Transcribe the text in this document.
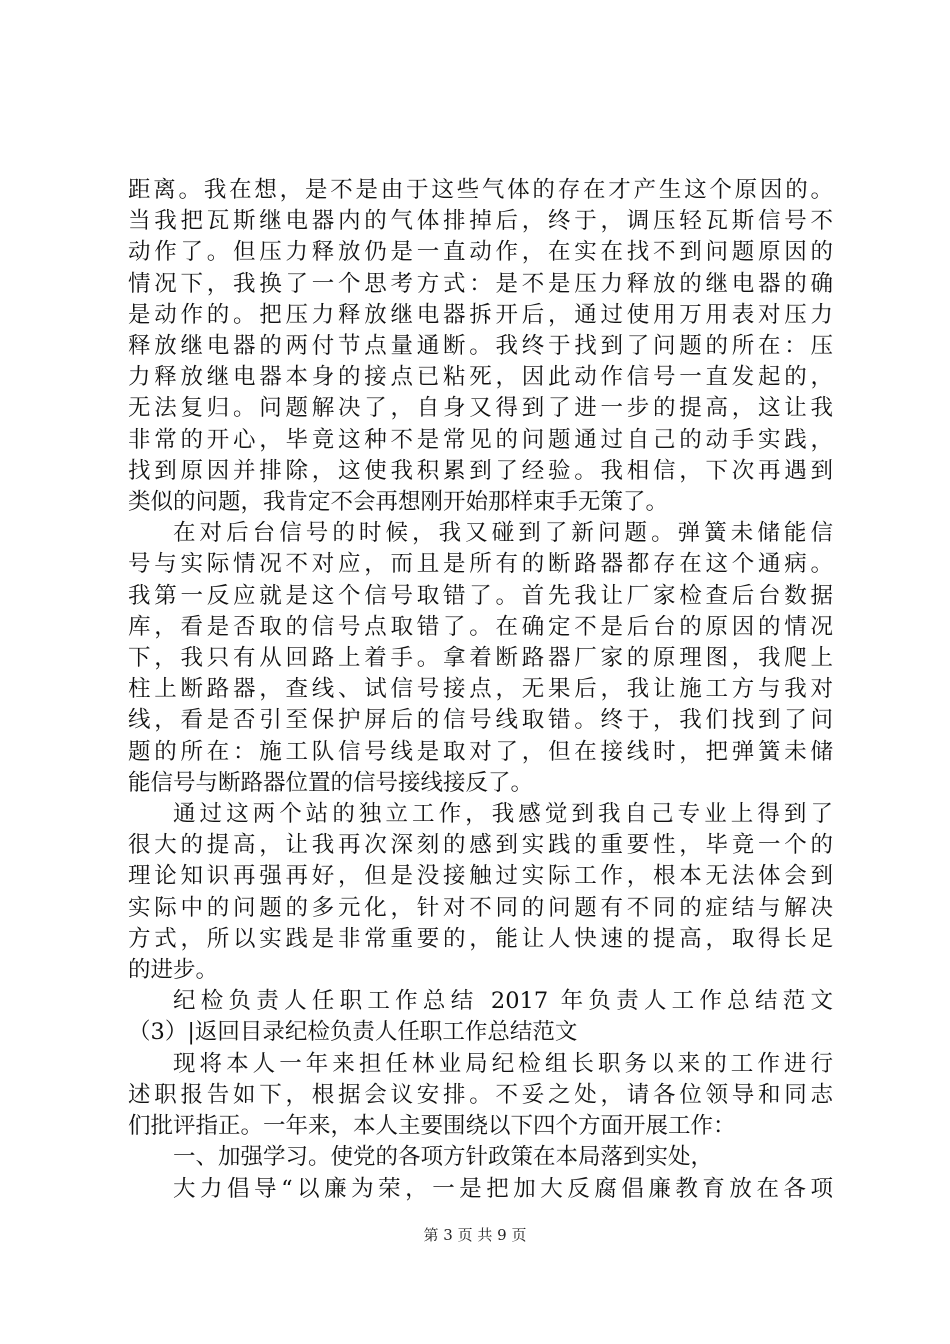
距离。我在想，是不是由于这些气体的存在才产生这个原因的。
当我把瓦斯继电器内的气体排掉后，终于，调压轻瓦斯信号不
动作了。但压力释放仍是一直动作，在实在找不到问题原因的
情况下，我换了一个思考方式：是不是压力释放的继电器的确
是动作的。把压力释放继电器拆开后，通过使用万用表对压力
释放继电器的两付节点量通断。我终于找到了问题的所在：压
力释放继电器本身的接点已粘死，因此动作信号一直发起的，
无法复归。问题解决了，自身又得到了进一步的提高，这让我
非常的开心，毕竟这种不是常见的问题通过自己的动手实践，
找到原因并排除，这使我积累到了经验。我相信，下次再遇到
类似的问题，我肯定不会再想刚开始那样束手无策了。
在对后台信号的时候，我又碰到了新问题。弹簧未储能信
号与实际情况不对应，而且是所有的断路器都存在这个通病。
我第一反应就是这个信号取错了。首先我让厂家检查后台数据
库，看是否取的信号点取错了。在确定不是后台的原因的情况
下，我只有从回路上着手。拿着断路器厂家的原理图，我爬上
柱上断路器，查线、试信号接点，无果后，我让施工方与我对
线，看是否引至保护屏后的信号线取错。终于，我们找到了问
题的所在：施工队信号线是取对了，但在接线时，把弹簧未储
能信号与断路器位置的信号接线接反了。
通过这两个站的独立工作，我感觉到我自己专业上得到了
很大的提高，让我再次深刻的感到实践的重要性，毕竟一个的
理论知识再强再好，但是没接触过实际工作，根本无法体会到
实际中的问题的多元化，针对不同的问题有不同的症结与解决
方式，所以实践是非常重要的，能让人快速的提高，取得长足
的进步。
纪检负责人任职工作总结 2017 年负责人工作总结范文
（3）|返回目录纪检负责人任职工作总结范文
现将本人一年来担任林业局纪检组长职务以来的工作进行
述职报告如下，根据会议安排。不妥之处，请各位领导和同志
们批评指正。一年来，本人主要围绕以下四个方面开展工作：
一、加强学习。使党的各项方针政策在本局落到实处，
大力倡导“以廉为荣，一是把加大反腐倡廉教育放在各项
第 3 页 共 9 页
